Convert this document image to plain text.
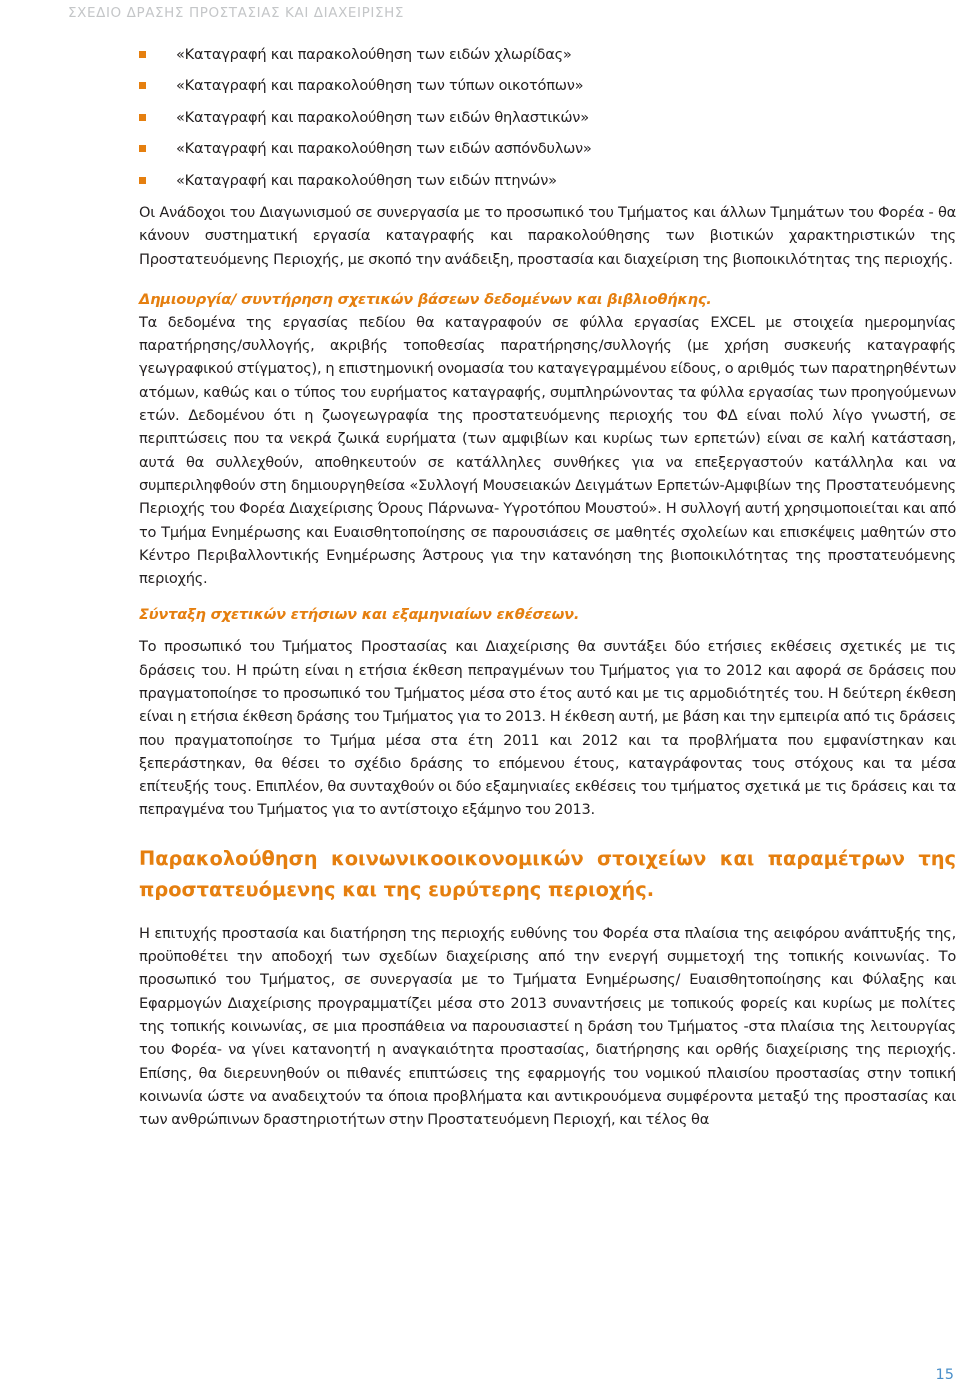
ΣΧΕΔΙΟ ΔΡΑΣΗΣ ΠΡΟΣΤΑΣΙΑΣ ΚΑΙ ΔΙΑΧΕΙΡΙΣΗΣ
«Καταγραφή και παρακολούθηση των ειδών χλωρίδας»
«Καταγραφή και παρακολούθηση των τύπων οικοτόπων»
«Καταγραφή και παρακολούθηση των ειδών θηλαστικών»
«Καταγραφή και παρακολούθηση των ειδών ασπόνδυλων»
«Καταγραφή και παρακολούθηση των ειδών πτηνών»

Οι Ανάδοχοι του Διαγωνισμού σε συνεργασία με το προσωπικό του Τμήματος και άλλων Τμημάτων του Φορέα - θα κάνουν συστηματική εργασία καταγραφής και παρακολούθησης των βιοτικών χαρακτηριστικών της Προστατευόμενης Περιοχής, με σκοπό την ανάδειξη, προστασία και διαχείριση της βιοποικιλότητας της περιοχής.

Δημιουργία/ συντήρηση σχετικών βάσεων δεδομένων και βιβλιοθήκης.

Τα δεδομένα της εργασίας πεδίου θα καταγραφούν σε φύλλα εργασίας EXCEL με στοιχεία ημερομηνίας παρατήρησης/συλλογής, ακριβής τοποθεσίας παρατήρησης/συλλογής (με χρήση συσκευής καταγραφής γεωγραφικού στίγματος), η επιστημονική ονομασία του καταγεγραμμένου είδους, ο αριθμός των παρατηρηθέντων ατόμων, καθώς και ο τύπος του ευρήματος καταγραφής, συμπληρώνοντας τα φύλλα εργασίας των προηγούμενων ετών. Δεδομένου ότι η ζωογεωγραφία της προστατευόμενης περιοχής του ΦΔ είναι πολύ λίγο γνωστή, σε περιπτώσεις που τα νεκρά ζωικά ευρήματα (των αμφιβίων και κυρίως των ερπετών) είναι σε καλή κατάσταση, αυτά θα συλλεχθούν, αποθηκευτούν σε κατάλληλες συνθήκες για να επεξεργαστούν κατάλληλα και να συμπεριληφθούν στη δημιουργηθείσα «Συλλογή Μουσειακών Δειγμάτων Ερπετών-Αμφιβίων της Προστατευόμενης Περιοχής του Φορέα Διαχείρισης Όρους Πάρνωνα- Υγροτόπου Μουστού». Η συλλογή αυτή χρησιμοποιείται και από το Τμήμα Ενημέρωσης και Ευαισθητοποίησης σε παρουσιάσεις σε μαθητές σχολείων και επισκέψεις μαθητών στο Κέντρο Περιβαλλοντικής Ενημέρωσης Άστρους για την κατανόηση της βιοποικιλότητας της προστατευόμενης περιοχής.

Σύνταξη σχετικών ετήσιων και εξαμηνιαίων εκθέσεων.

Το προσωπικό του Τμήματος Προστασίας και Διαχείρισης θα συντάξει δύο ετήσιες εκθέσεις σχετικές με τις δράσεις του. Η πρώτη είναι η ετήσια έκθεση πεπραγμένων του Τμήματος για το 2012 και αφορά σε δράσεις που πραγματοποίησε το προσωπικό του Τμήματος μέσα στο έτος αυτό και με τις αρμοδιότητές του. Η δεύτερη έκθεση είναι η ετήσια έκθεση δράσης του Τμήματος για το 2013. Η έκθεση αυτή, με βάση και την εμπειρία από τις δράσεις που πραγματοποίησε το Τμήμα μέσα στα έτη 2011 και 2012 και τα προβλήματα που εμφανίστηκαν και ξεπεράστηκαν, θα θέσει το σχέδιο δράσης το επόμενου έτους, καταγράφοντας τους στόχους και τα μέσα επίτευξής τους. Επιπλέον, θα συνταχθούν οι δύο εξαμηνιαίες εκθέσεις του τμήματος σχετικά με τις δράσεις και τα πεπραγμένα του Τμήματος για το αντίστοιχο εξάμηνο του 2013.

Παρακολούθηση κοινωνικοοικονομικών στοιχείων και παραμέτρων της προστατευόμενης και της ευρύτερης περιοχής.

Η επιτυχής προστασία και διατήρηση της περιοχής ευθύνης του Φορέα στα πλαίσια της αειφόρου ανάπτυξής της, προϋποθέτει την αποδοχή των σχεδίων διαχείρισης από την ενεργή συμμετοχή της τοπικής κοινωνίας. Το προσωπικό του Τμήματος, σε συνεργασία με το Τμήματα Ενημέρωσης/ Ευαισθητοποίησης και Φύλαξης και Εφαρμογών Διαχείρισης προγραμματίζει μέσα στο 2013 συναντήσεις με τοπικούς φορείς και κυρίως με πολίτες της τοπικής κοινωνίας, σε μια προσπάθεια να παρουσιαστεί η δράση του Τμήματος -στα πλαίσια της λειτουργίας του Φορέα- να γίνει κατανοητή η αναγκαιότητα προστασίας, διατήρησης και ορθής διαχείρισης της περιοχής. Επίσης, θα διερευνηθούν οι πιθανές επιπτώσεις της εφαρμογής του νομικού πλαισίου προστασίας στην τοπική κοινωνία ώστε να αναδειχτούν τα όποια προβλήματα και αντικρουόμενα συμφέροντα μεταξύ της προστασίας και των ανθρώπινων δραστηριοτήτων στην Προστατευόμενη Περιοχή, και τέλος θα

15
